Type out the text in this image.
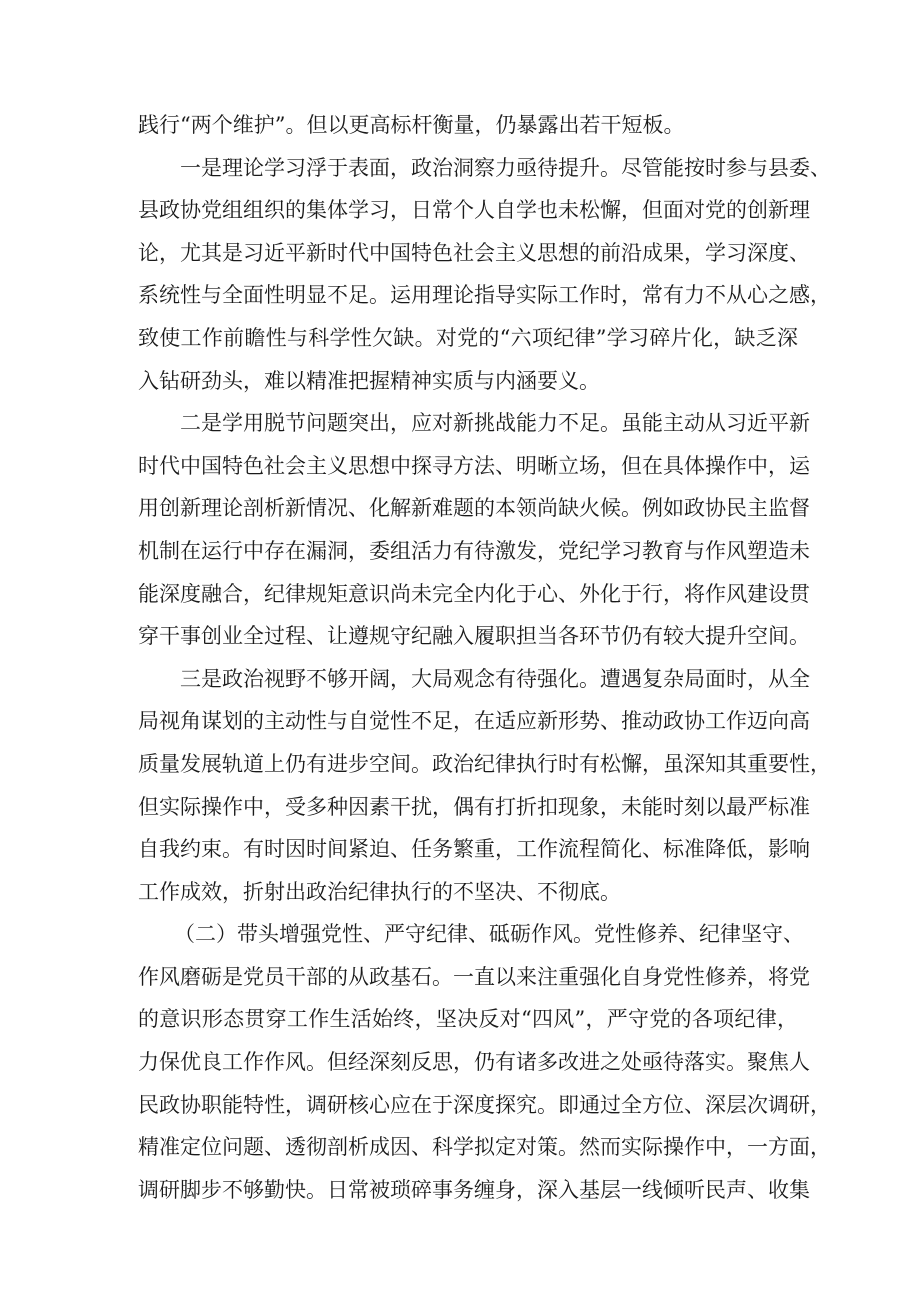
践行“两个维护”。但以更高标杆衡量，仍暴露出若干短板。
一是理论学习浮于表面，政治洞察力亟待提升。尽管能按时参与县委、
县政协党组组织的集体学习，日常个人自学也未松懈，但面对党的创新理
论，尤其是习近平新时代中国特色社会主义思想的前沿成果，学习深度、
系统性与全面性明显不足。运用理论指导实际工作时，常有力不从心之感，
致使工作前瞻性与科学性欠缺。对党的“六项纪律”学习碎片化，缺乏深
入钻研劲头，难以精准把握精神实质与内涵要义。
二是学用脱节问题突出，应对新挑战能力不足。虽能主动从习近平新
时代中国特色社会主义思想中探寻方法、明晰立场，但在具体操作中，运
用创新理论剖析新情况、化解新难题的本领尚缺火候。例如政协民主监督
机制在运行中存在漏洞，委组活力有待激发，党纪学习教育与作风塑造未
能深度融合，纪律规矩意识尚未完全内化于心、外化于行，将作风建设贯
穿干事创业全过程、让遵规守纪融入履职担当各环节仍有较大提升空间。
三是政治视野不够开阔，大局观念有待强化。遭遇复杂局面时，从全
局视角谋划的主动性与自觉性不足，在适应新形势、推动政协工作迈向高
质量发展轨道上仍有进步空间。政治纪律执行时有松懈，虽深知其重要性，
但实际操作中，受多种因素干扰，偶有打折扣现象，未能时刻以最严标准
自我约束。有时因时间紧迫、任务繁重，工作流程简化、标准降低，影响
工作成效，折射出政治纪律执行的不坚决、不彻底。
（二）带头增强党性、严守纪律、砥砺作风。党性修养、纪律坚守、
作风磨砺是党员干部的从政基石。一直以来注重强化自身党性修养，将党
的意识形态贯穿工作生活始终，坚决反对“四风”，严守党的各项纪律，
力保优良工作作风。但经深刻反思，仍有诸多改进之处亟待落实。聚焦人
民政协职能特性，调研核心应在于深度探究。即通过全方位、深层次调研，
精准定位问题、透彻剖析成因、科学拟定对策。然而实际操作中，一方面，
调研脚步不够勤快。日常被琐碎事务缠身，深入基层一线倾听民声、收集
